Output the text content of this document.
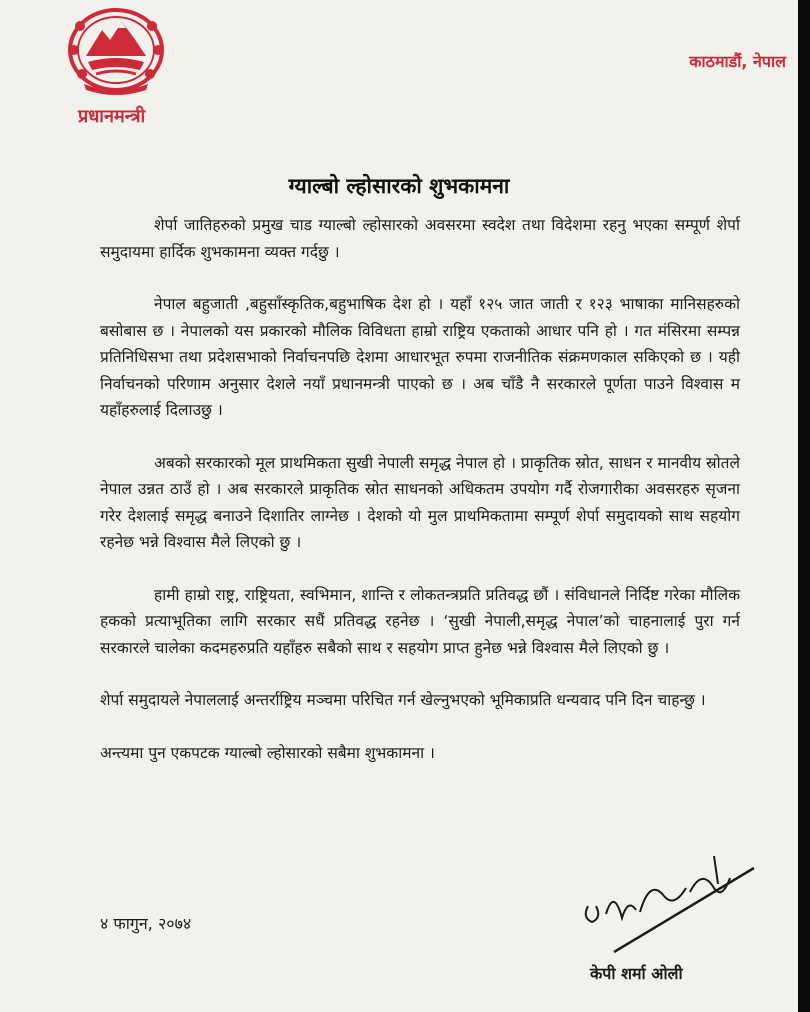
प्रधानमन्त्री
काठमाडौं, नेपाल
ग्याल्बो ल्होसारको शुभकामना

शेर्पा जातिहरुको प्रमुख चाड ग्याल्बो ल्होसारको अवसरमा स्वदेश तथा विदेशमा रहनु भएका सम्पूर्ण शेर्पा समुदायमा हार्दिक शुभकामना व्यक्त गर्दछु ।

नेपाल बहुजाती ,बहुसाँस्कृतिक,बहुभाषिक देश हो । यहाँ १२५ जात जाती र १२३ भाषाका मानिसहरुको बसोबास छ । नेपालको यस प्रकारको मौलिक विविधता हाम्रो राष्ट्रिय एकताको आधार पनि हो । गत मंसिरमा सम्पन्न प्रतिनिधिसभा तथा प्रदेशसभाको निर्वाचनपछि देशमा आधारभूत रुपमा राजनीतिक संक्रमणकाल सकिएको छ । यही निर्वाचनको परिणाम अनुसार देशले नयाँ प्रधानमन्त्री पाएको छ । अब चाँडै नै सरकारले पूर्णता पाउने विश्वास म यहाँहरुलाई दिलाउछु ।

अबको सरकारको मूल प्राथमिकता सुखी नेपाली समृद्ध नेपाल हो । प्राकृतिक स्रोत, साधन र मानवीय स्रोतले नेपाल उन्नत ठाउँ हो । अब सरकारले प्राकृतिक स्रोत साधनको अधिकतम उपयोग गर्दै रोजगारीका अवसरहरु सृजना गरेर देशलाई समृद्ध बनाउने दिशातिर लाग्नेछ । देशको यो मुल प्राथमिकतामा सम्पूर्ण शेर्पा समुदायको साथ सहयोग रहनेछ भन्ने विश्वास मैले लिएको छु ।

हामी हाम्रो राष्ट्र, राष्ट्रियता, स्वभिमान, शान्ति र लोकतन्त्रप्रति प्रतिवद्ध छौं । संविधानले निर्दिष्ट गरेका मौलिक हकको प्रत्याभूतिका लागि सरकार सधैं प्रतिवद्ध रहनेछ । ‘सुखी नेपाली,समृद्ध नेपाल’को चाहनालाई पुरा गर्न सरकारले चालेका कदमहरुप्रति यहाँहरु सबैको साथ र सहयोग प्राप्त हुनेछ भन्ने विश्वास मैले लिएको छु ।

शेर्पा समुदायले नेपाललाई अन्तर्राष्ट्रिय मञ्चमा परिचित गर्न खेल्नुभएको भूमिकाप्रति धन्यवाद पनि दिन चाहन्छु ।

अन्त्यमा पुन एकपटक ग्याल्बो ल्होसारको सबैमा शुभकामना ।

४ फागुन, २०७४
केपी शर्मा ओली
